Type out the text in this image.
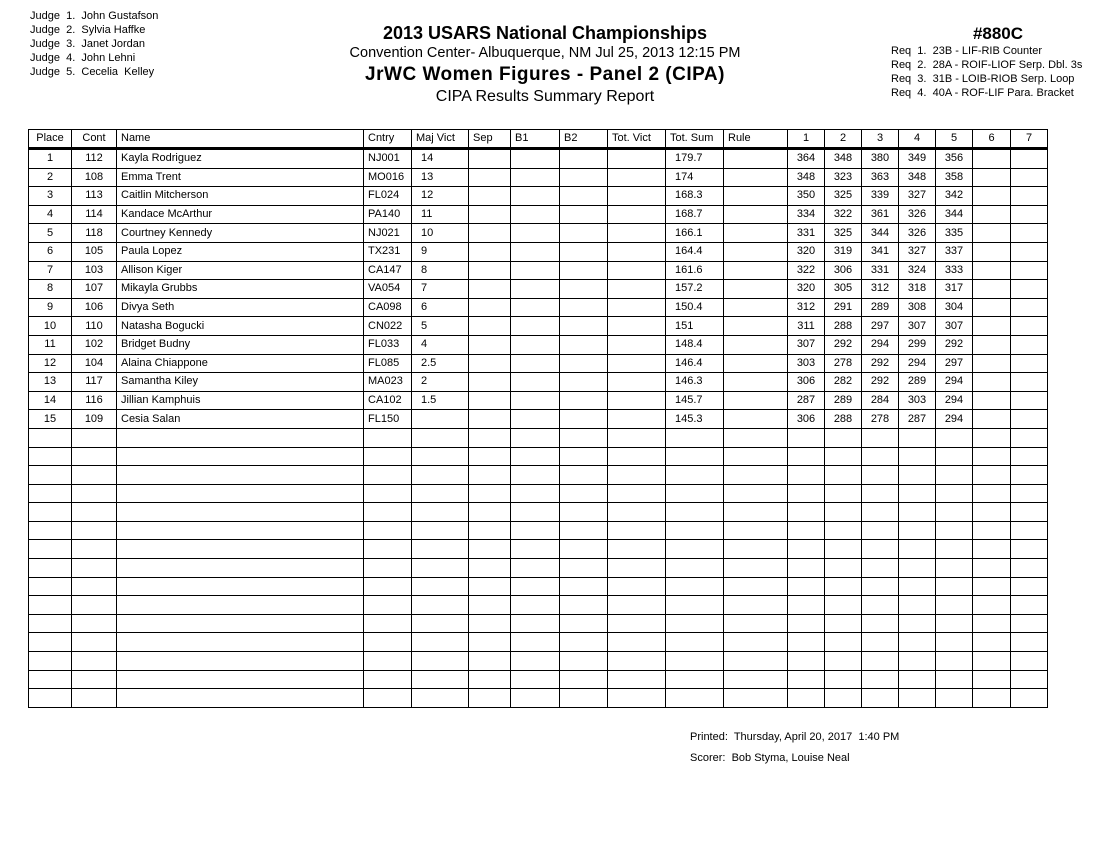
Judge  1.  John Gustafson
Judge  2.  Sylvia Haffke
Judge  3.  Janet Jordan
Judge  4.  John Lehni
Judge  5.  Cecelia  Kelley
2013 USARS National Championships
Convention Center- Albuquerque, NM Jul 25, 2013 12:15 PM
JrWC Women Figures - Panel 2 (CIPA)
CIPA Results Summary Report
#880C
Req  1.  23B - LIF-RIB Counter
Req  2.  28A - ROIF-LIOF Serp. Dbl. 3s
Req  3.  31B - LOIB-RIOB Serp. Loop
Req  4.  40A - ROF-LIF Para. Bracket
Place	Cont	Name	Cntry	Maj Vict	Sep	B1	B2	Tot. Vict	Tot. Sum	Rule	1	2	3	4	5	6	7
1	112	Kayla Rodriguez	NJ001	14					179.7		364	348	380	349	356		
2	108	Emma Trent	MO016	13					174		348	323	363	348	358		
3	113	Caitlin Mitcherson	FL024	12					168.3		350	325	339	327	342		
4	114	Kandace McArthur	PA140	11					168.7		334	322	361	326	344		
5	118	Courtney Kennedy	NJ021	10					166.1		331	325	344	326	335		
6	105	Paula Lopez	TX231	9					164.4		320	319	341	327	337		
7	103	Allison Kiger	CA147	8					161.6		322	306	331	324	333		
8	107	Mikayla Grubbs	VA054	7					157.2		320	305	312	318	317		
9	106	Divya Seth	CA098	6					150.4		312	291	289	308	304		
10	110	Natasha Bogucki	CN022	5					151		311	288	297	307	307		
11	102	Bridget Budny	FL033	4					148.4		307	292	294	299	292		
12	104	Alaina Chiappone	FL085	2.5					146.4		303	278	292	294	297		
13	117	Samantha Kiley	MA023	2					146.3		306	282	292	289	294		
14	116	Jillian Kamphuis	CA102	1.5					145.7		287	289	284	303	294		
15	109	Cesia Salan	FL150						145.3		306	288	278	287	294		

Printed:  Thursday, April 20, 2017  1:40 PM
Scorer:  Bob Styma, Louise Neal
